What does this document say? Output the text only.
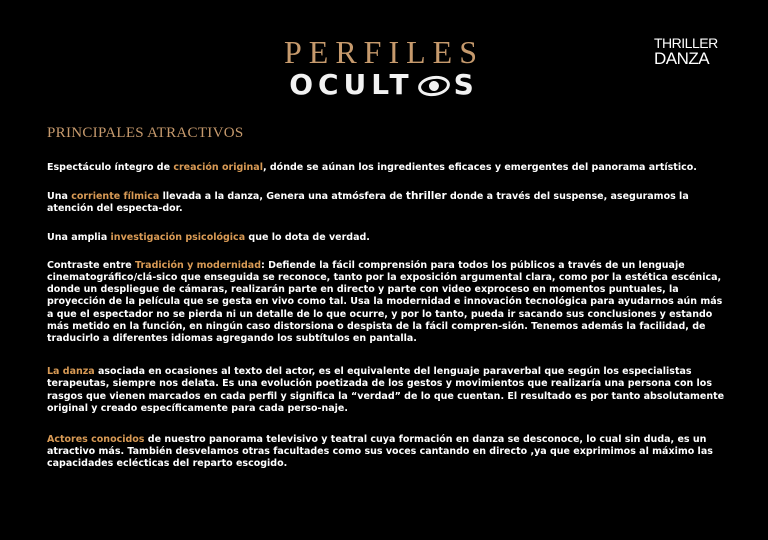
PERFILES
OCULT S
THRILLER
DANZA
PRINCIPALES ATRACTIVOS

Espectáculo íntegro de creación original, dónde se aúnan los ingredientes eficaces y emergentes del panorama artístico.

Una corriente fílmica llevada a la danza, Genera una atmósfera de thriller donde a través del suspense, aseguramos la atención del especta-dor.

Una amplia investigación psicológica que lo dota de verdad.

Contraste entre Tradición y modernidad: Defiende la fácil comprensión para todos los públicos a través de un lenguaje cinematográfico/clá-sico que enseguida se reconoce, tanto por la exposición argumental clara, como por la estética escénica, donde un despliegue de cámaras, realizarán parte en directo y parte con video exproceso en momentos puntuales, la proyección de la película que se gesta en vivo como tal. Usa la modernidad e innovación tecnológica para ayudarnos aún más a que el espectador no se pierda ni un detalle de lo que ocurre, y por lo tanto, pueda ir sacando sus conclusiones y estando más metido en la función, en ningún caso distorsiona o despista de la fácil compren-sión. Tenemos además la facilidad, de traducirlo a diferentes idiomas agregando los subtítulos en pantalla.

La danza asociada en ocasiones al texto del actor, es el equivalente del lenguaje paraverbal que según los especialistas terapeutas, siempre nos delata. Es una evolución poetizada de los gestos y movimientos que realizaría una persona con los rasgos que vienen marcados en cada perfil y significa la “verdad” de lo que cuentan. El resultado es por tanto absolutamente original y creado específicamente para cada perso-naje.

Actores conocidos de nuestro panorama televisivo y teatral cuya formación en danza se desconoce, lo cual sin duda, es un atractivo más. También desvelamos otras facultades como sus voces cantando en directo ,ya que exprimimos al máximo las capacidades eclécticas del reparto escogido.
